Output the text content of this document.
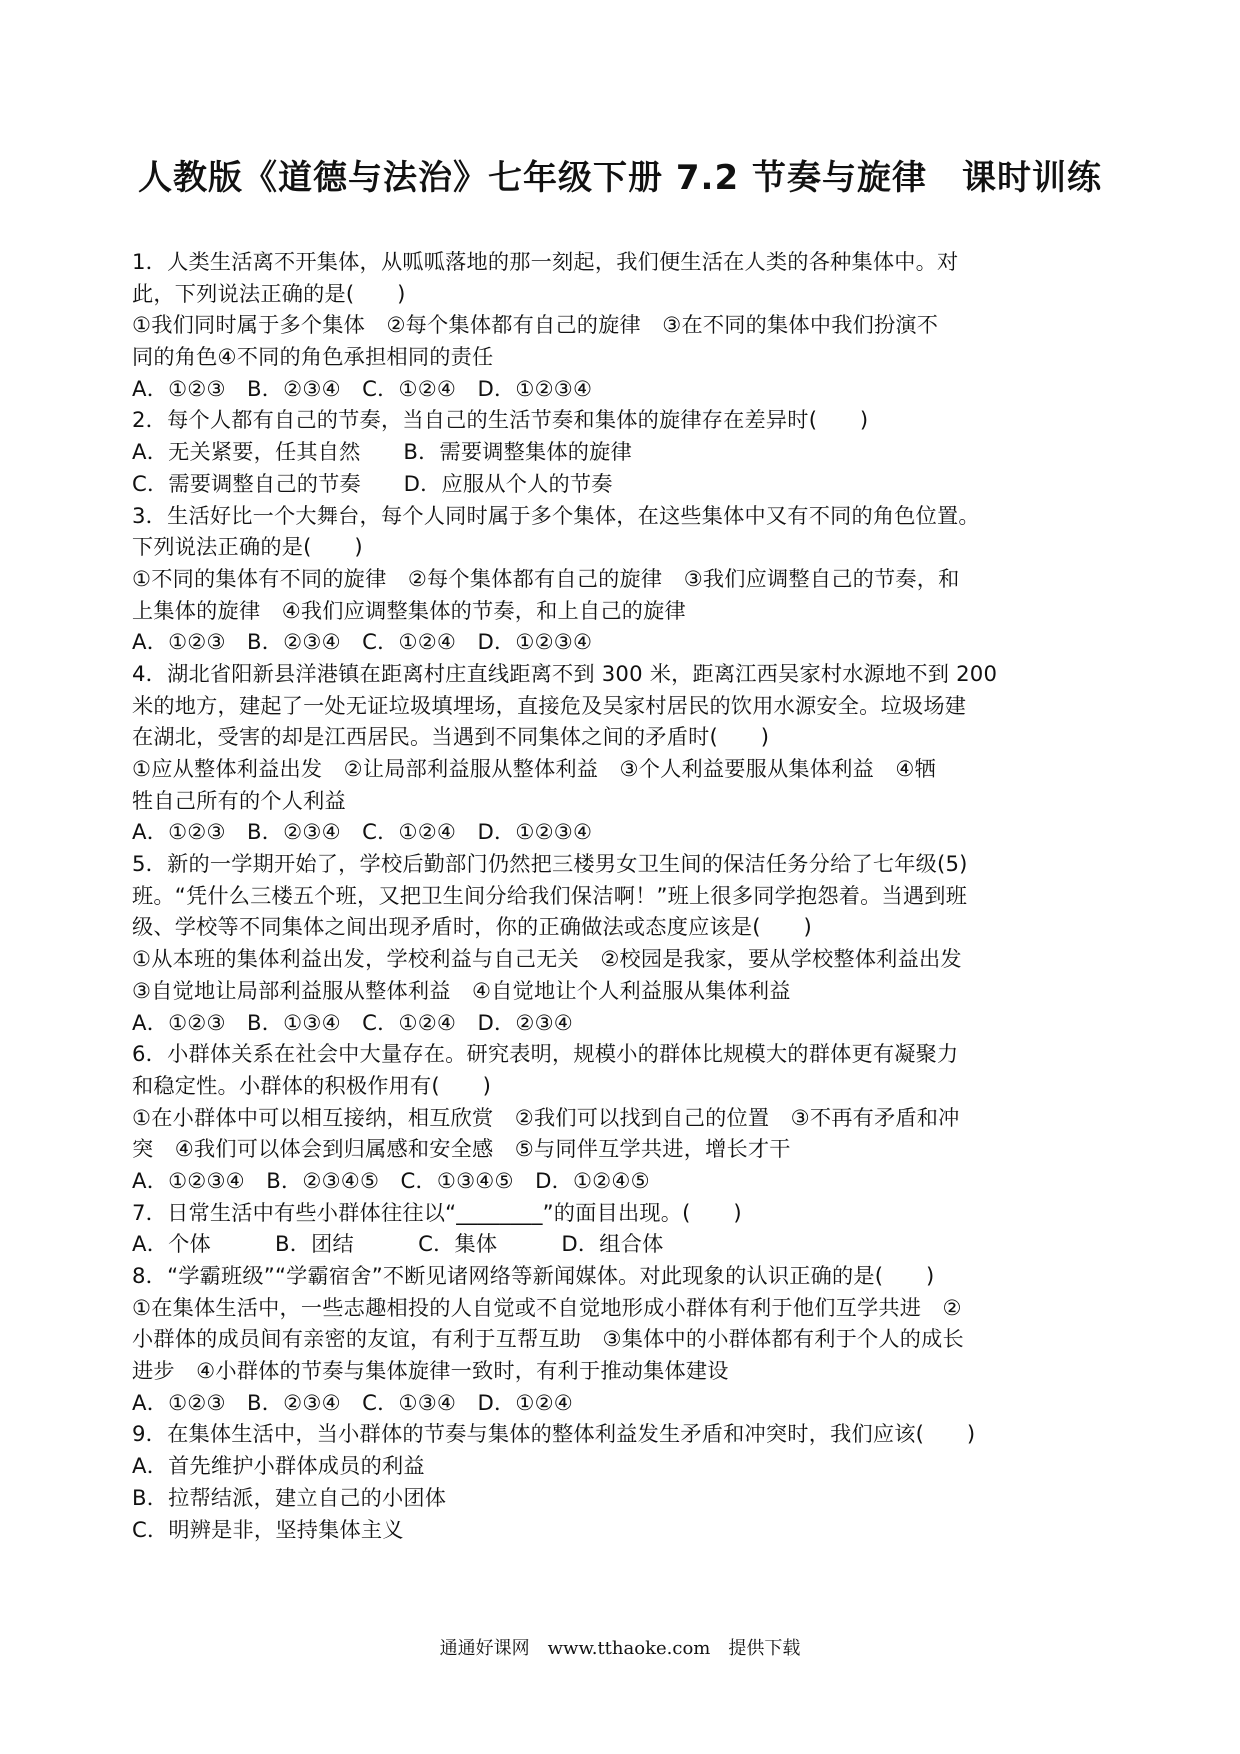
人教版《道德与法治》七年级下册 7.2 节奏与旋律　课时训练
1．人类生活离不开集体，从呱呱落地的那一刻起，我们便生活在人类的各种集体中。对
此，下列说法正确的是(　　)
①我们同时属于多个集体　②每个集体都有自己的旋律　③在不同的集体中我们扮演不
同的角色④不同的角色承担相同的责任
A．①②③　B．②③④　C．①②④　D．①②③④
2．每个人都有自己的节奏，当自己的生活节奏和集体的旋律存在差异时(　　)
A．无关紧要，任其自然　　B．需要调整集体的旋律
C．需要调整自己的节奏　　D．应服从个人的节奏
3．生活好比一个大舞台，每个人同时属于多个集体，在这些集体中又有不同的角色位置。
下列说法正确的是(　　)
①不同的集体有不同的旋律　②每个集体都有自己的旋律　③我们应调整自己的节奏，和
上集体的旋律　④我们应调整集体的节奏，和上自己的旋律
A．①②③　B．②③④　C．①②④　D．①②③④
4．湖北省阳新县洋港镇在距离村庄直线距离不到 300 米，距离江西吴家村水源地不到 200
米的地方，建起了一处无证垃圾填埋场，直接危及吴家村居民的饮用水源安全。垃圾场建
在湖北，受害的却是江西居民。当遇到不同集体之间的矛盾时(　　)
①应从整体利益出发　②让局部利益服从整体利益　③个人利益要服从集体利益　④牺
牲自己所有的个人利益
A．①②③　B．②③④　C．①②④　D．①②③④
5．新的一学期开始了，学校后勤部门仍然把三楼男女卫生间的保洁任务分给了七年级(5)
班。“凭什么三楼五个班，又把卫生间分给我们保洁啊！”班上很多同学抱怨着。当遇到班
级、学校等不同集体之间出现矛盾时，你的正确做法或态度应该是(　　)
①从本班的集体利益出发，学校利益与自己无关　②校园是我家，要从学校整体利益出发
③自觉地让局部利益服从整体利益　④自觉地让个人利益服从集体利益
A．①②③　B．①③④　C．①②④　D．②③④
6．小群体关系在社会中大量存在。研究表明，规模小的群体比规模大的群体更有凝聚力
和稳定性。小群体的积极作用有(　　)
①在小群体中可以相互接纳，相互欣赏　②我们可以找到自己的位置　③不再有矛盾和冲
突　④我们可以体会到归属感和安全感　⑤与同伴互学共进，增长才干
A．①②③④　B．②③④⑤　C．①③④⑤　D．①②④⑤
7．日常生活中有些小群体往往以“________”的面目出现。(　　)
A．个体　　　B．团结　　　C．集体　　　D．组合体
8．“学霸班级”“学霸宿舍”不断见诸网络等新闻媒体。对此现象的认识正确的是(　　)
①在集体生活中，一些志趣相投的人自觉或不自觉地形成小群体有利于他们互学共进　②
小群体的成员间有亲密的友谊，有利于互帮互助　③集体中的小群体都有利于个人的成长
进步　④小群体的节奏与集体旋律一致时，有利于推动集体建设
A．①②③　B．②③④　C．①③④　D．①②④
9．在集体生活中，当小群体的节奏与集体的整体利益发生矛盾和冲突时，我们应该(　　)
A．首先维护小群体成员的利益
B．拉帮结派，建立自己的小团体
C．明辨是非，坚持集体主义
通通好课网　www.tthaoke.com　提供下载
